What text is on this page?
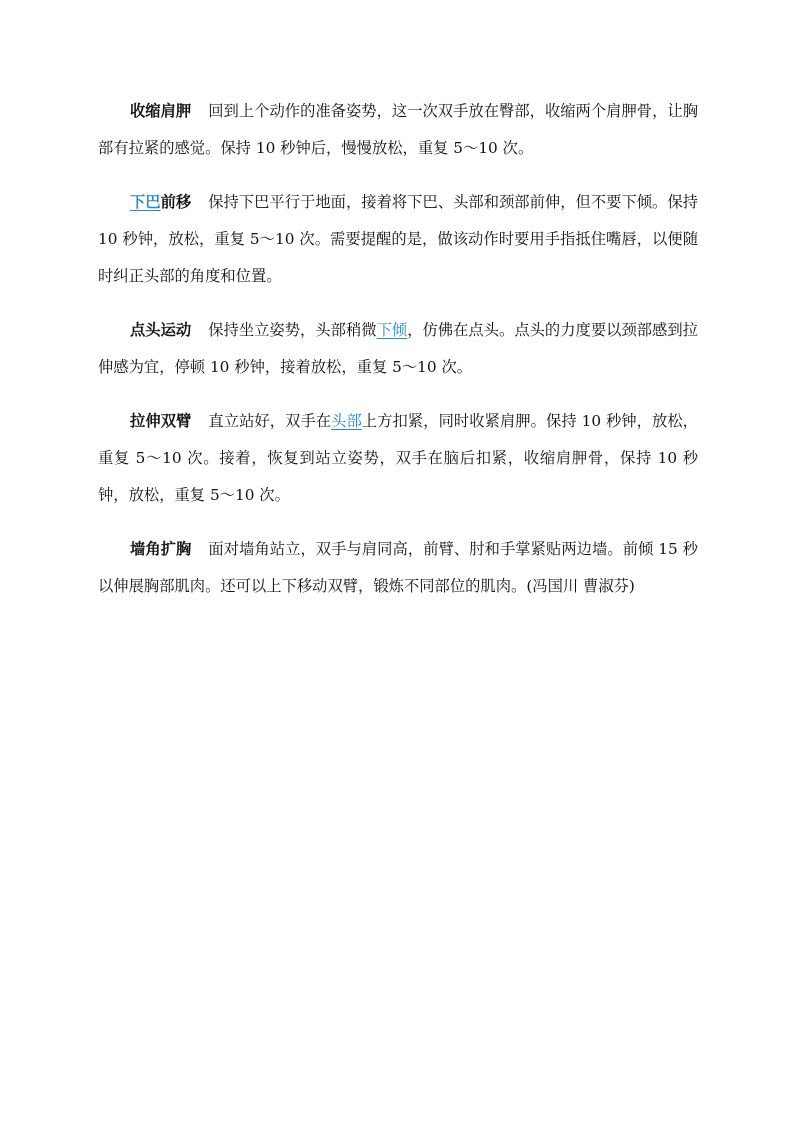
收缩肩胛 回到上个动作的准备姿势，这一次双手放在臀部，收缩两个肩胛骨，让胸部有拉紧的感觉。保持 10 秒钟后，慢慢放松，重复 5～10 次。

下巴前移 保持下巴平行于地面，接着将下巴、头部和颈部前伸，但不要下倾。保持 10 秒钟，放松，重复 5～10 次。需要提醒的是，做该动作时要用手指抵住嘴唇，以便随时纠正头部的角度和位置。

点头运动 保持坐立姿势，头部稍微下倾，仿佛在点头。点头的力度要以颈部感到拉伸感为宜，停顿 10 秒钟，接着放松，重复 5～10 次。

拉伸双臂 直立站好，双手在头部上方扣紧，同时收紧肩胛。保持 10 秒钟，放松，重复 5～10 次。接着，恢复到站立姿势，双手在脑后扣紧，收缩肩胛骨，保持 10 秒钟，放松，重复 5～10 次。

墙角扩胸 面对墙角站立，双手与肩同高，前臂、肘和手掌紧贴两边墙。前倾 15 秒以伸展胸部肌肉。还可以上下移动双臂，锻炼不同部位的肌肉。(冯国川 曹淑芬)
